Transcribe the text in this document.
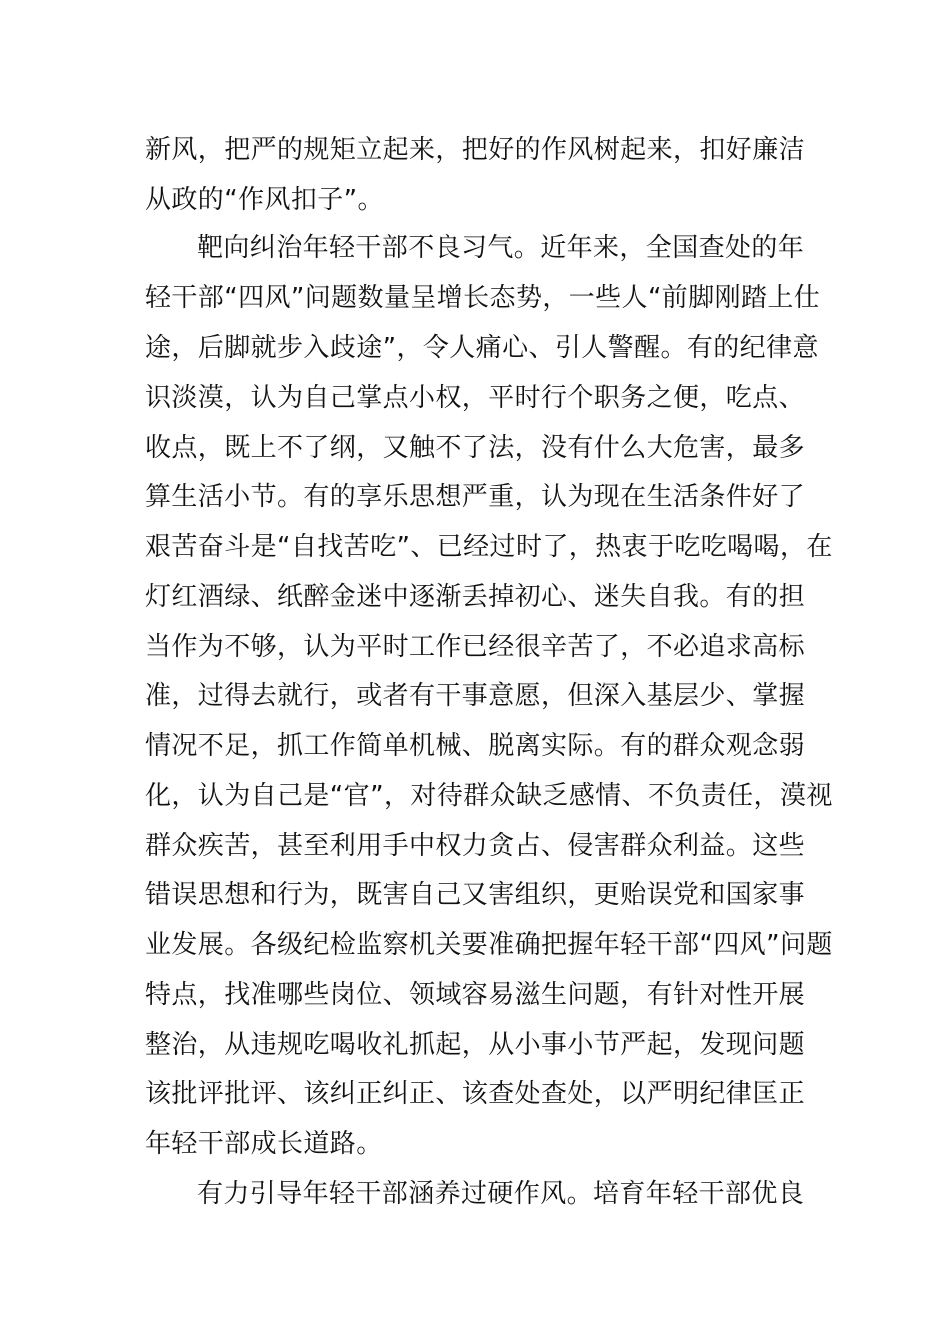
新风，把严的规矩立起来，把好的作风树起来，扣好廉洁
从政的“作风扣子”。
靶向纠治年轻干部不良习气。近年来，全国查处的年
轻干部“四风”问题数量呈增长态势，一些人“前脚刚踏上仕
途，后脚就步入歧途”，令人痛心、引人警醒。有的纪律意
识淡漠，认为自己掌点小权，平时行个职务之便，吃点、
收点，既上不了纲，又触不了法，没有什么大危害，最多
算生活小节。有的享乐思想严重，认为现在生活条件好了
艰苦奋斗是“自找苦吃”、已经过时了，热衷于吃吃喝喝，在
灯红酒绿、纸醉金迷中逐渐丢掉初心、迷失自我。有的担
当作为不够，认为平时工作已经很辛苦了，不必追求高标
准，过得去就行，或者有干事意愿，但深入基层少、掌握
情况不足，抓工作简单机械、脱离实际。有的群众观念弱
化，认为自己是“官”，对待群众缺乏感情、不负责任，漠视
群众疾苦，甚至利用手中权力贪占、侵害群众利益。这些
错误思想和行为，既害自己又害组织，更贻误党和国家事
业发展。各级纪检监察机关要准确把握年轻干部“四风”问题
特点，找准哪些岗位、领域容易滋生问题，有针对性开展
整治，从违规吃喝收礼抓起，从小事小节严起，发现问题
该批评批评、该纠正纠正、该查处查处，以严明纪律匡正
年轻干部成长道路。
有力引导年轻干部涵养过硬作风。培育年轻干部优良
